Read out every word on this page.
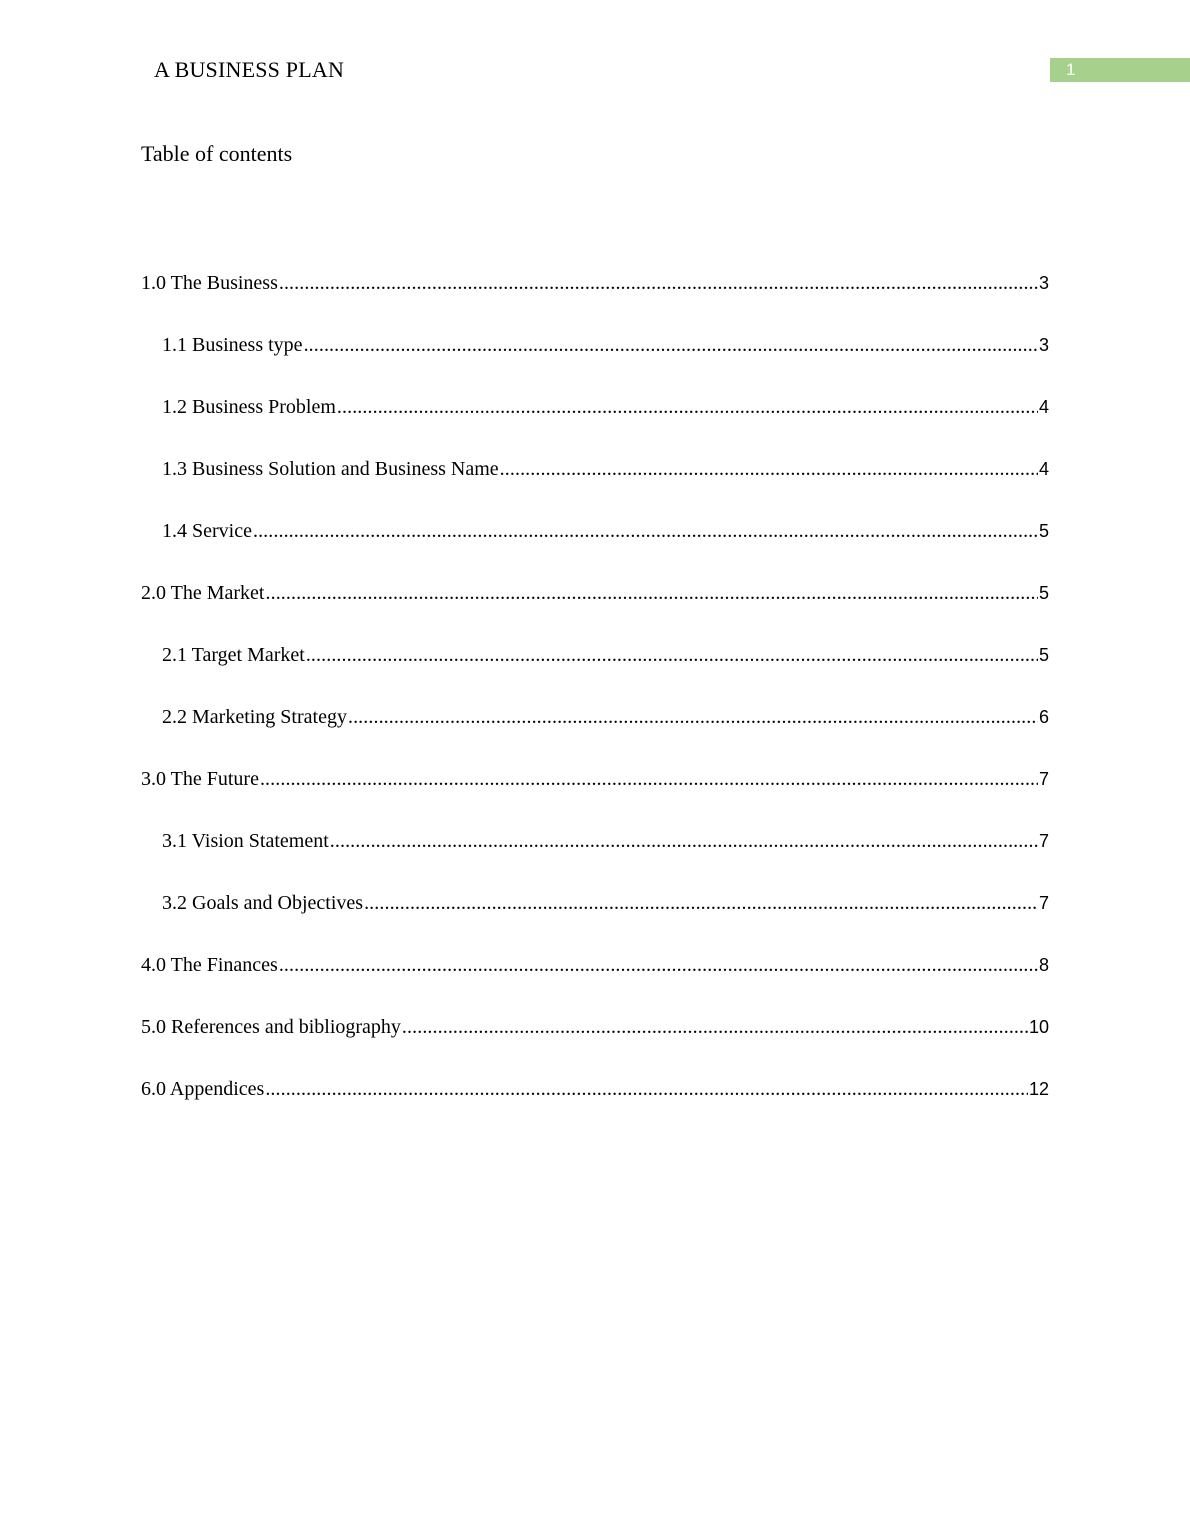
A BUSINESS PLAN	1
Table of contents
1.0 The Business .....	3
1.1 Business type .....	3
1.2 Business Problem .....	4
1.3 Business Solution and Business Name .....	4
1.4 Service .....	5
2.0 The Market .....	5
2.1 Target Market .....	5
2.2 Marketing Strategy .....	6
3.0 The Future .....	7
3.1 Vision Statement .....	7
3.2 Goals and Objectives .....	7
4.0 The Finances .....	8
5.0 References and bibliography .....	10
6.0 Appendices .....	12
